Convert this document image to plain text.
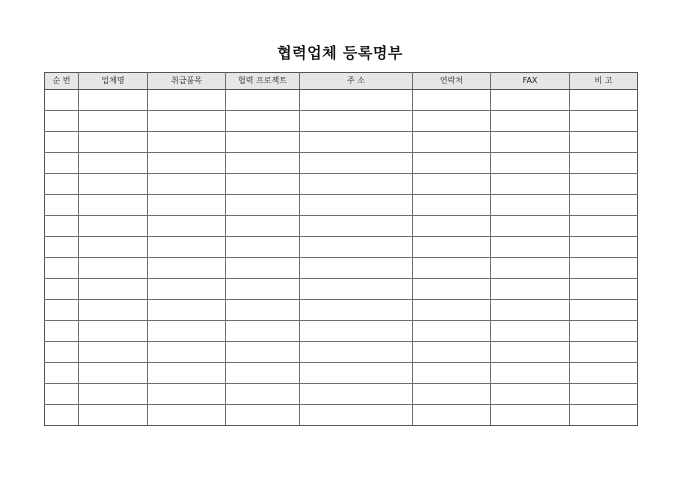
협력업체 등록명부
순 번	업체명	취급품목	협력 프로젝트	주 소	연락처	FAX	비 고
